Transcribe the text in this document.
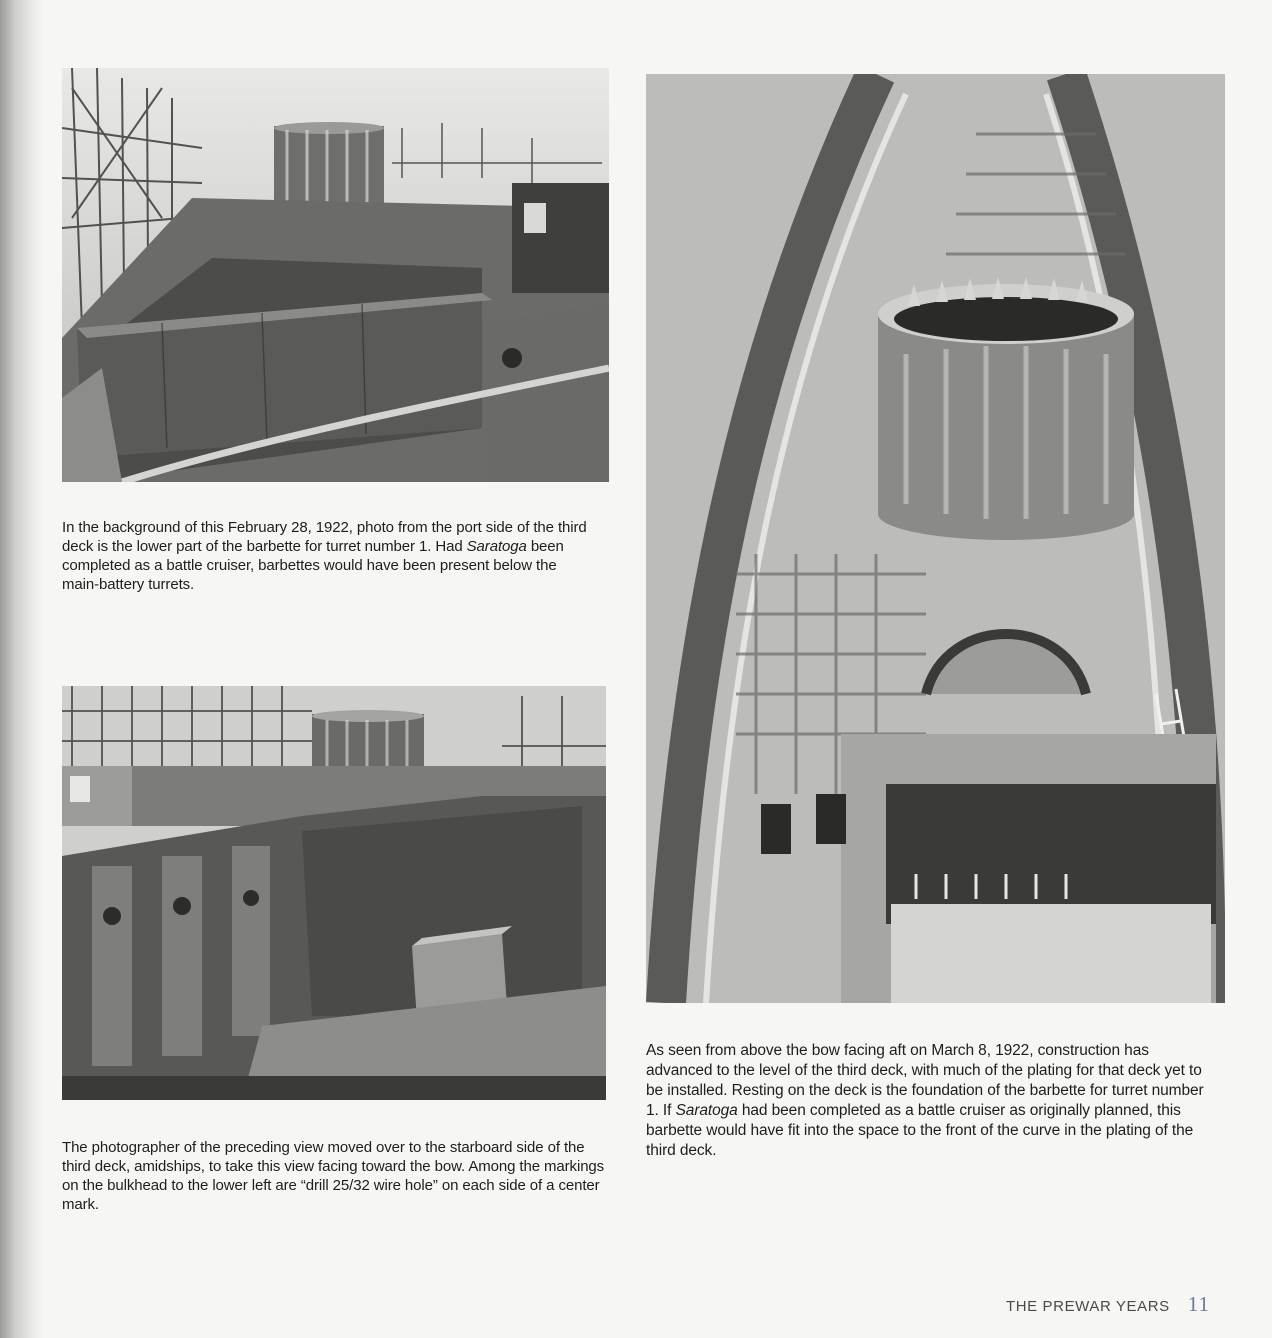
In the background of this February 28, 1922, photo from the port side of the third deck is the lower part of the barbette for turret number 1. Had Saratoga been completed as a battle cruiser, barbettes would have been present below the main-battery turrets.

The photographer of the preceding view moved over to the starboard side of the third deck, amidships, to take this view facing toward the bow. Among the markings on the bulkhead to the lower left are “drill 25/32 wire hole” on each side of a center mark.

As seen from above the bow facing aft on March 8, 1922, construction has advanced to the level of the third deck, with much of the plating for that deck yet to be installed. Resting on the deck is the foundation of the barbette for turret number 1. If Saratoga had been completed as a battle cruiser as originally planned, this barbette would have fit into the space to the front of the curve in the plating of the third deck.

THE PREWAR YEARS 11
